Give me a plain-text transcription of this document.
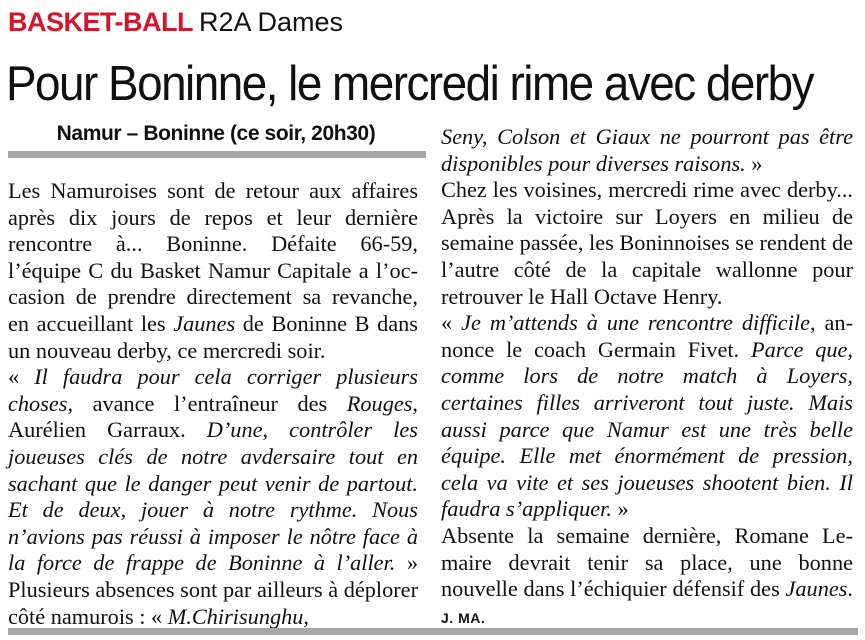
BASKET-BALL R2A Dames
Pour Boninne, le mercredi rime avec derby
Namur – Boninne (ce soir, 20h30)

Les Namuroises sont de retour aux affaires après dix jours de repos et leur dernière rencontre à... Boninne. Défaite 66-59, l’équipe C du Basket Namur Capitale a l’occasion de prendre directement sa revanche, en accueillant les Jaunes de Boninne B dans un nouveau derby, ce mercredi soir.

« Il faudra pour cela corriger plusieurs choses, avance l’entraîneur des Rouges, Aurélien Garraux. D’une, contrôler les joueuses clés de notre avdersaire tout en sachant que le danger peut venir de partout. Et de deux, jouer à notre rythme. Nous n’avions pas réussi à imposer le nôtre face à la force de frappe de Boninne à l’aller. » Plusieurs absences sont par ailleurs à déplorer côté namurois : « M.Chirisunghu,

Seny, Colson et Giaux ne pourront pas être disponibles pour diverses raisons. »

Chez les voisines, mercredi rime avec derby... Après la victoire sur Loyers en milieu de semaine passée, les Boninnoises se rendent de l’autre côté de la capitale wallonne pour retrouver le Hall Octave Henry.

« Je m’attends à une rencontre difficile, annonce le coach Germain Fivet. Parce que, comme lors de notre match à Loyers, certaines filles arriveront tout juste. Mais aussi parce que Namur est une très belle équipe. Elle met énormément de pression, cela va vite et ses joueuses shootent bien. Il faudra s’appliquer. »

Absente la semaine dernière, Romane Lemaire devrait tenir sa place, une bonne nouvelle dans l’échiquier défensif des Jaunes. J. MA.
